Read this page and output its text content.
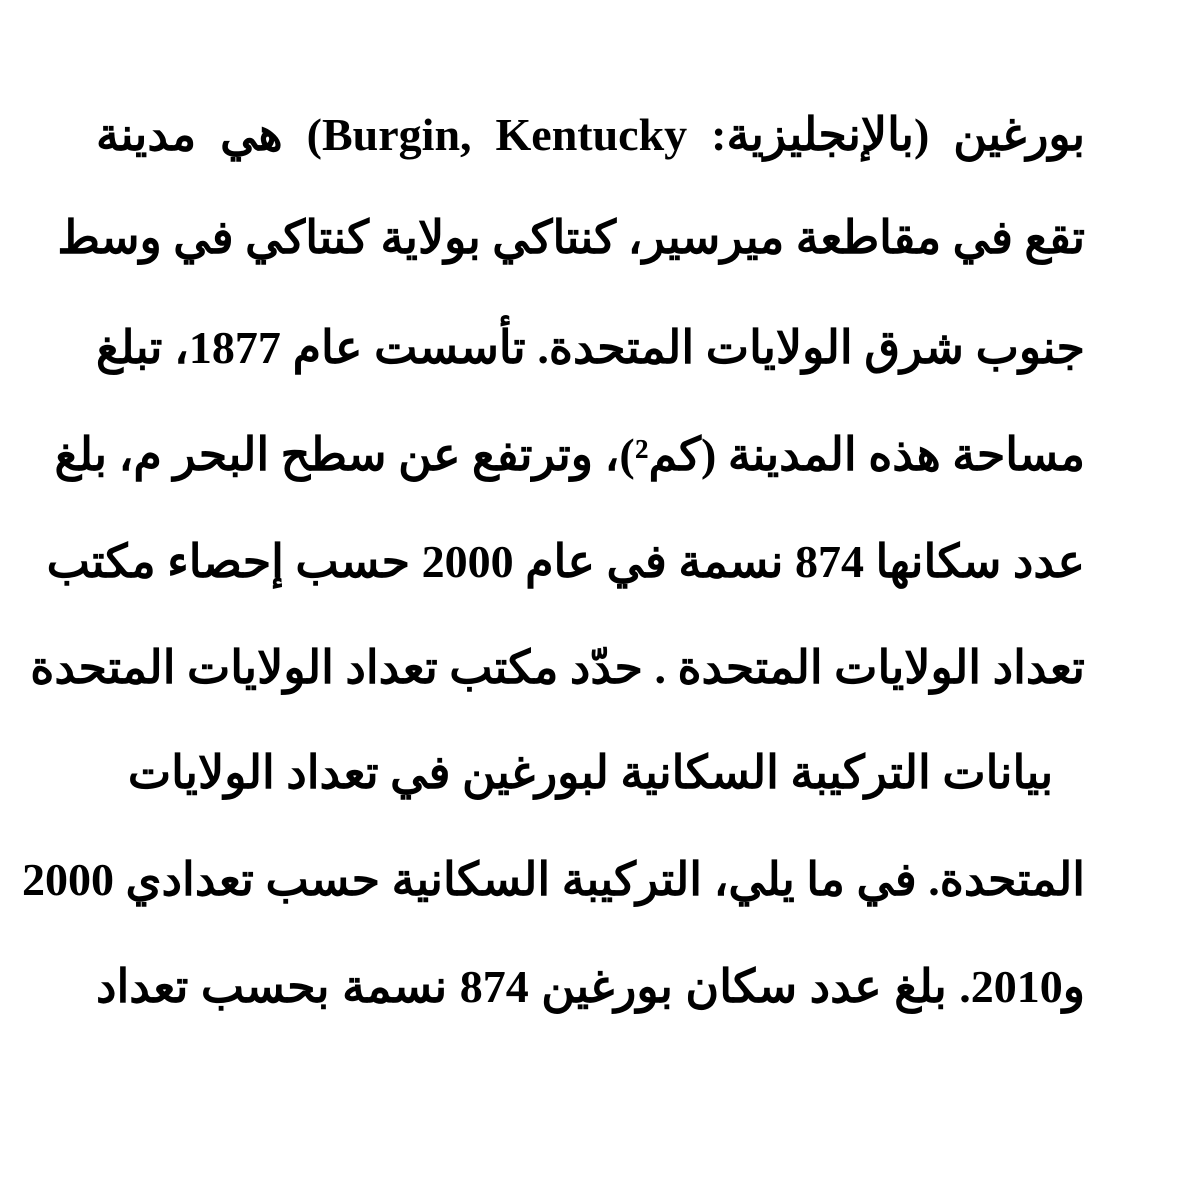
بورغين (بالإنجليزية: Burgin, Kentucky) هي مدينة
تقع في مقاطعة ميرسير، كنتاكي بولاية كنتاكي في وسط
جنوب شرق الولايات المتحدة. تأسست عام 1877، تبلغ
مساحة هذه المدينة (كم²)، وترتفع عن سطح البحر م، بلغ
عدد سكانها 874 نسمة في عام 2000 حسب إحصاء مكتب
تعداد الولايات المتحدة . حدّد مكتب تعداد الولايات المتحدة
بيانات التركيبة السكانية لبورغين في تعداد الولايات
المتحدة. في ما يلي، التركيبة السكانية حسب تعدادي 2000
و2010. بلغ عدد سكان بورغين 874 نسمة بحسب تعداد
